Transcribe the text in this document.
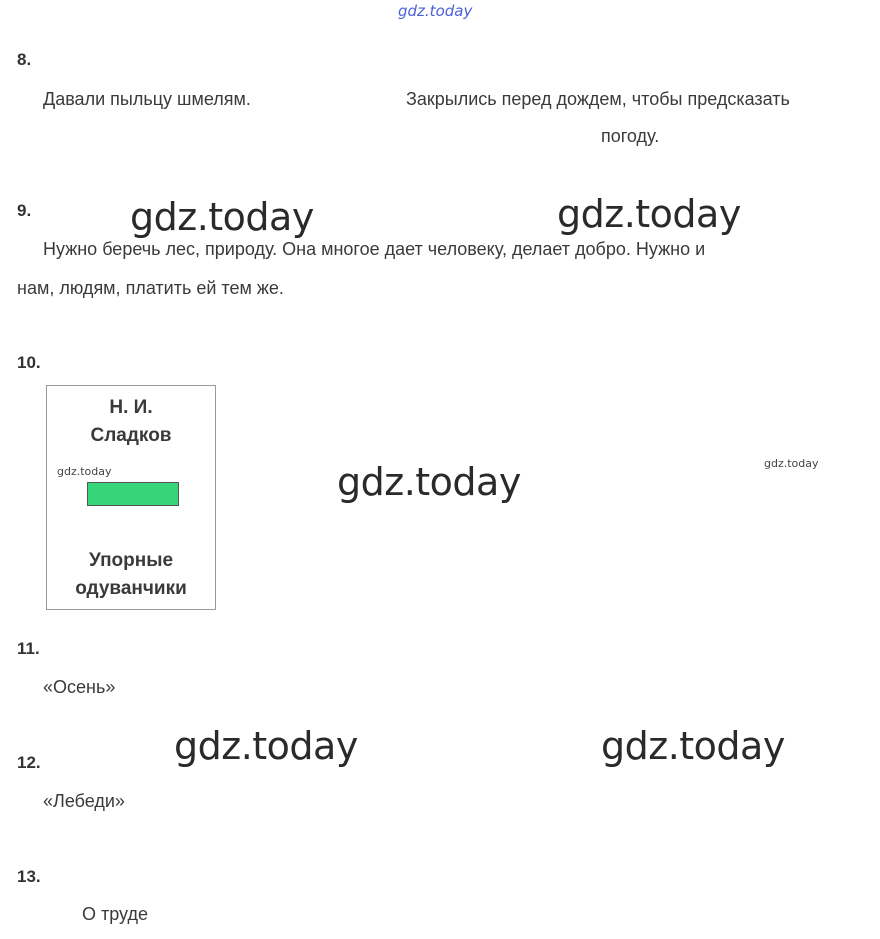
gdz.today
8.
Давали пыльцу шмелям.	Закрылись перед дождем, чтобы предсказать
погоду.
9.	gdz.today	gdz.today
Нужно беречь лес, природу. Она многое дает человеку, делает добро. Нужно и
нам, людям, платить ей тем же.
10.
Н. И.
Сладков
gdz.today
Упорные
одуванчики
gdz.today	gdz.today
11.
«Осень»
gdz.today	gdz.today
12.
«Лебеди»
13.
О труде
